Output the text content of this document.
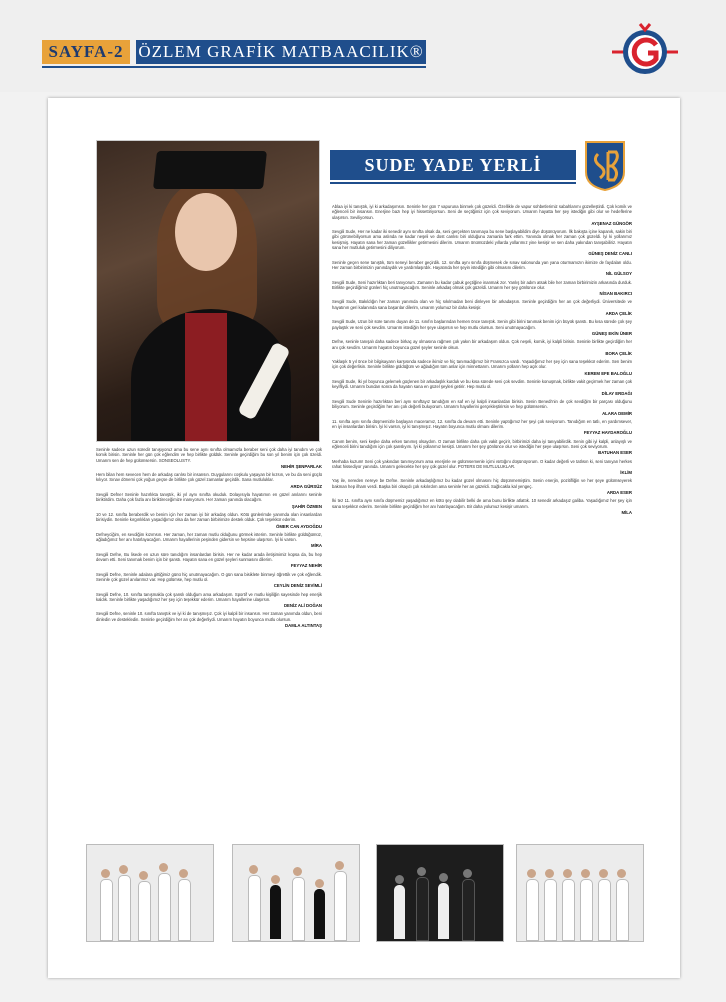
SAYFA-2 ÖZLEM GRAFİK MATBAACILIK®
SUDE YADE YERLİ

Ablaa iyi ki tanıştık, iyi ki arkadaşımsın. Seninle her gün 7 vapuruna binmek çok güzeldi. Özellikle de vapur sohbetlerimiz sabahlarımı güzelleştirdi. Çok komik ve eğlenceli bir insansın. Enerjine bazı hep iyi hissettiriyorsun. Seni de seçtiğimiz için çok seviyorum. Umarım hayatta her şey istediğin gibi olur ve hedeflerine ulaşırsın. Seviliyorsun.

AYŞENAZ GÜNGÖR

Sevgili Sude, Her ne kadar iki senedir aynı sınıfta olsak da, seni gerçekten tanımaya bu sene başlayabildim diye düşünüyorum. İlk bakışta içine kapanık, sakin biri gibi görünebiliyorsun ama aslında ne kadar neşeli ve dost canlısı biri olduğunu zamanla fark ettim. Yanında olmak her zaman çok güzeldi. İyi ki yollarımız kesişmiş. Hayatın sana her zaman güzellikler getirmesini dilerim. Umarım önümüzdeki yıllarda yollarımız yine kesişir ve sen daha yakından tanışabiliriz. Hayatın sana her mutluluk getirmesini diliyorum.

GÜNEŞ DENİZ CANLI

Seninle geçen sene tanıştık, tüm seneyi beraber geçirdik. 12. sınıfta aynı sınıfa düşmesek de sınav salonunda yan yana oturmamızın ikimize de faydaları oldu. Her zaman birbirimizin yanındaydık ve yardımlaşırdık. Hayatında her şeyin istediğin gibi olmasını dilerim.

NİL GÜLSOY

Sevgili Sude, Seni hazırlıktan beri tanıyorum. Zamanın bu kadar çabuk geçtiğine inanmak zor. Yanlış bir adım atsak bile her zaman birbirimizin arkasında durduk. Birlikte geçirdiğimiz günleri hiç unutmayacağım. Seninle arkadaş olmak çok güzeldi. Umarım her şey gönlünce olur.

NİSAN BAKIRCI

Sevgili Sude, Bakıldığın her zaman yanımda olan ve hiç sıkılmadan beni dinleyen bir arkadaşsın. Seninle geçirdiğim her an çok değerliydi. Üniversitede ve hayatının geri kalanında sana başarılar dilerim, umarım yolumuz bir daha kesişir.

ARDA ÇELİK

Sevgili Sude, Uzun bir süre tanımı duyan de 11. sınıfın başlarından hemen önce tanıştık. Senin gibi birini tanımak benim için büyük şanstı. Bu kısa sürede çok şey paylaştık ve seni çok sevdim. Umarım istediğin her şeye ulaşırsın ve hep mutlu olursun. Seni unutmayacağım.

GÜNEŞ EKİN ÜNER

Defne, seninle tanışalı daha sadece birkaç ay olmasına rağmen çok yakın bir arkadaşım oldun. Çok neşeli, komik, iyi kalpli birisin. Seninle birlikte geçirdiğim her anı çok sevdim. Umarım hayatın boyunca güzel şeyler seninle olsun.

BORA ÇELİK

Yaklaşık 5 yıl önce bir bilgisayarın karşısında sadece ikimiz ve hiç tanımadığımız bir Fransızca vardı. Yaşadığımız her şey için sana teşekkür ederim. Sen benim için çok değerlisin. Seninle birlikte güldüğüm ve ağladığım tüm anlar için minnettarım. Umarım yolların hep açık olur.

KEREM EFE BALOĞLU

Sevgili Sude, İki yıl boyunca gelemek güçlenen bir arkadaşlık kurduk ve bu kısa sürede seni çok sevdim. Seninle konuşmak, birlikte vakit geçirmek her zaman çok keyifliydi. Umarım bundan sonra da hayatın sana en güzel şeyleri getirir. Hep mutlu ol.

DİLAY ERDAĞI

Sevgili Sude Seninle hazırlıktan beri aynı sınıftayız tanıdığım en saf en iyi kalpli insanlardan birisin. Senin Benedi'nin de çok sevdiğim bir parçası olduğunu biliyorum. Seninle geçirdiğim her anı çok değerli buluyorum. Umarım hayallerini gerçekleştirirsin ve hep gülümsersin.

ALARA DEMİR

11. sınıfta aynı sınıfa düşmemizle başlayan maceramız, 12. sınıfta da devam etti. Seninle yaptığımız her şeyi çok seviyorum. Tanıdığım en tatlı, en yardımsever, en iyi insanlardan birisin. İyi ki varsın, iyi ki tanışmışız. Hayatın boyunca mutlu olmanı dilerim.

FEYYAZ HAYDAROĞLU

Canım benim, seni keşke daha erken tanımış olsaydım. O zaman birlikte daha çok vakit geçirir, birbirimizi daha iyi tanıyabilirdik. Senin gibi iyi kalpli, anlayışlı ve eğlenceli birini tanıdığım için çok şanslıyım. İyi ki yollarımız kesişti. Umarım her şey gönlünce olur ve istediğin her şeye ulaşırsın. Seni çok seviyorum.

BATUHAN ESER

Merhaba kuzum! Seni çok yakından tanımıyorum ama enerjinle ve gülümsemenle içimi ısıttığını düşünüyorum. O kadar değerli ve tatlısın ki, seni tanıyan herkes rahat hissediyor yanında. Umarım gelecekte her şey çok güzel olur. POTERS DE MUTLULUKLAR.

İKLİM

Yaş ile, nereden nereye be Defne. Seninle arkadaşlığımız bu kadar güzel olmasını hiç düşünmemiştim. Senin enerjin, pozitifliğin ve her şeye gülümseyerek bakman hep ilham verdi. Başka biri olsaydı çok sıkılırdım ama seninle her an güzeldi. Sağlıcakla kal yengeç.

ARDA ESER

İki tez 11. sınıfta aynı sınıfa düşmemiz yaşadığımız en kötü şey olabilir belki de ama bunu birlikte atlattık. 10 senedir arkadaşız galiba. Yaşadığımız her şey için sana teşekkür ederim. Seninle birlikte geçirdiğim her anı hatırlayacağım. Bir daha yolumuz kesişir umarım.

MİLA

Seninle sadece uzun süredir tanışıyoruz ama bu sene aynı sınıfta olmamızla beraber seni çok daha iyi tanıdım ve çok komik birisin. Seninle her gün çok eğlendim ve hep birlikte güldük. Seninle geçirdiğim bu son yıl benim için çok özeldi. Umarım sen de hep gülümsersin. SONSEOLUSTY.

NEHİR ŞENPARLAK

Hem bilan hem sevecen hem de arkadaş canlısı bir insansın. Duygularını coşkulu yaşayan bir kızsın, ve bu da seni güçlü kılıyor. Sınav dönemi çok yoğun geçse de birlikte çok güzel zamanlar geçirdik. Sana mutluluklar.

ARDA GÜRSÜZ

Sevgili Defne! Seninle hazırlıkta tanıştık, iki yıl aynı sınıfta okuduk. Dolayısıyla hayatımın en güzel anılarını seninle biriktirdim. Daha çok fazla anı biriktireceğimize inanıyorum. Her zaman yanında olacağım.

ŞAHİR ÖZMEN

10 ve 12. sınıfta beraberdik ve benim için her zaman iyi bir arkadaş oldun. Kötü günlerimde yanımda olan insanlardan birisiydin. Seninle kırgınlıkları yaşadığımız olsa da her zaman birbirimize destek olduk. Çok teşekkür ederim.

ÖMER CAN AYDOĞDU

Defneyciğim, en sevdiğim kızımsın. Her zaman, her zaman mutlu olduğunu görmek isterim. Seninle birlikte güldüğümüz, ağladığımız her anı hatırlayacağım. Umarım hayallerinin peşinden gidersin ve hepsine ulaşırsın. İyi ki varsın.

MİRA

Sevgili Defne, Bu lisede en uzun süre tanıdığım insanlardan birisin. Her ne kadar arada iletişimimiz kopsa da, bu hep devam etti. Seni tanımak benim için bir şanstı. Hayatın sana en güzel şeyleri sunmasını dilerim.

FEYYAZ NEHİR

Sevgili Defne, Seninle adalara gittiğimiz günü hiç unutmayacağım. O gün sana bisiklete binmeyi öğrettik ve çok eğlendik. Seninle çok güzel anılarımız var. Hep gülümse, hep mutlu ol.

CEYLİN DENİZ SEVİMLİ

Sevgili Defne, 10. sınıfta tanışmakla çok şanslı olduğum ama arkadaşım. Sportif ve mutlu kişiliğin sayesinde hep enerjik kaldık. Seninle birlikte yaşadığımız her şey için teşekkür ederim. Umarım hayallerine ulaşırsın.

DENİZ ALİ DOĞAN

Sevgili Defne, seninle 10. sınıfta tanıştık ve iyi ki de tanışmışız. Çok iyi kalpli bir insansın. Her zaman yanımda oldun, beni dinledin ve destekledin. Seninle geçirdiğim her an çok değerliydi. Umarım hayatın boyunca mutlu olursun.

DAMLA ALTINTAŞ
